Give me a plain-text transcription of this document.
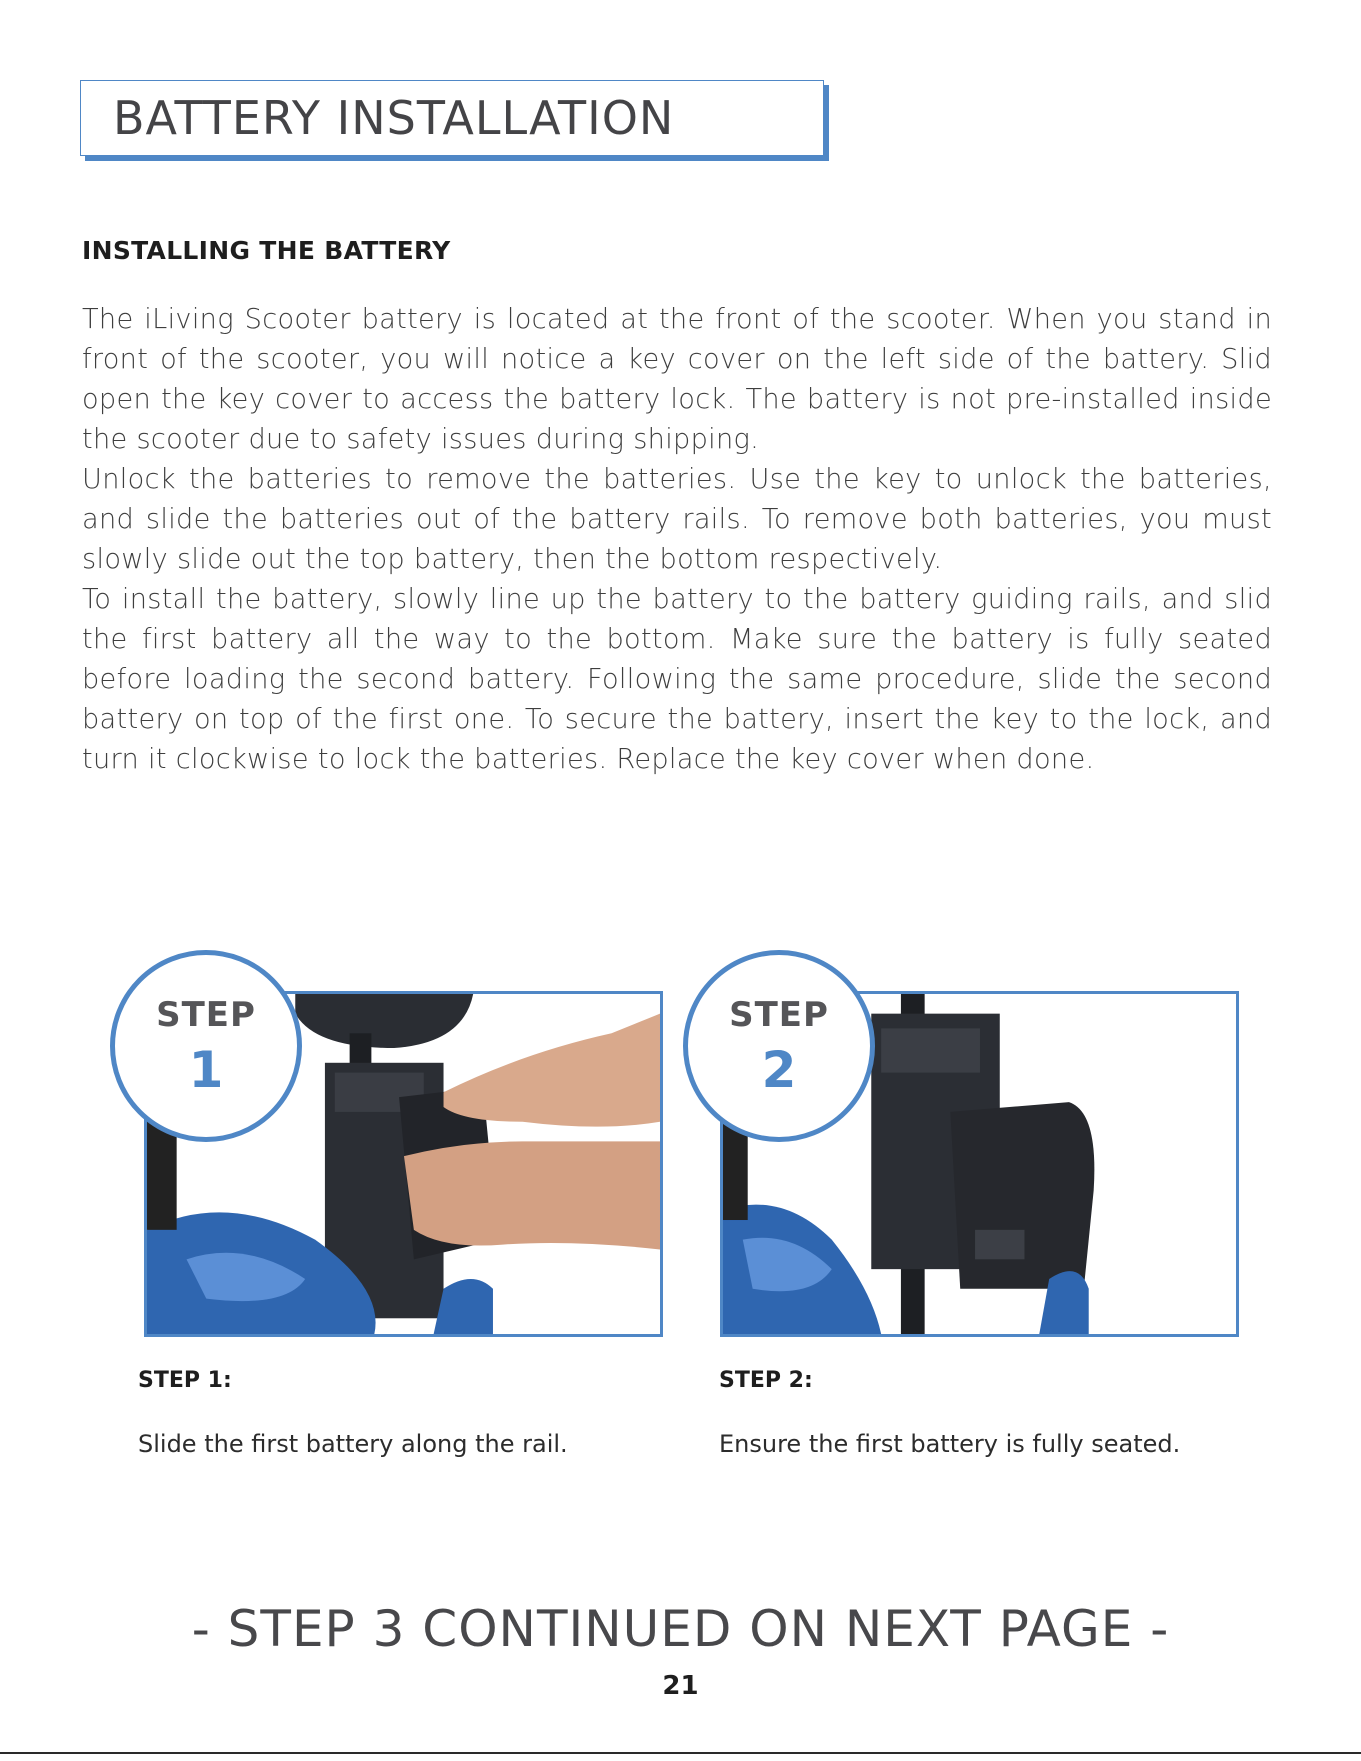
BATTERY INSTALLATION
INSTALLING THE BATTERY

The iLiving Scooter battery is located at the front of the scooter. When you stand in front of the scooter, you will notice a key cover on the left side of the battery. Slid open the key cover to access the battery lock. The battery is not pre-installed inside the scooter due to safety issues during shipping.

Unlock the batteries to remove the batteries. Use the key to unlock the batteries, and slide the batteries out of the battery rails. To remove both batteries, you must slowly slide out the top battery, then the bottom respectively.

To install the battery, slowly line up the battery to the battery guiding rails, and slid the first battery all the way to the bottom. Make sure the battery is fully seated before loading the second battery. Following the same procedure, slide the second battery on top of the first one. To secure the battery, insert the key to the lock, and turn it clockwise to lock the batteries. Replace the key cover when done.

STEP
1
STEP
2
STEP 1:
Slide the first battery along the rail.
STEP 2:
Ensure the first battery is fully seated.
- STEP 3 CONTINUED ON NEXT PAGE -
21
